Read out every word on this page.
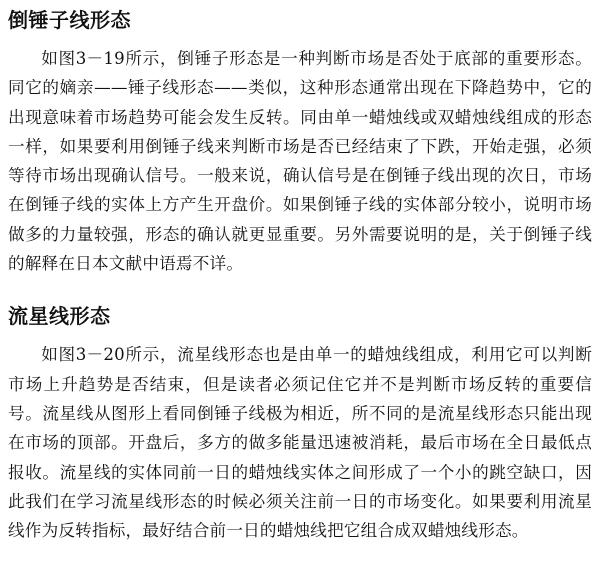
倒锤子线形态

如图3－19所示，倒锤子形态是一种判断市场是否处于底部的重要形态。同它的嫡亲——锤子线形态——类似，这种形态通常出现在下降趋势中，它的出现意味着市场趋势可能会发生反转。同由单一蜡烛线或双蜡烛线组成的形态一样，如果要利用倒锤子线来判断市场是否已经结束了下跌，开始走强，必须等待市场出现确认信号。一般来说，确认信号是在倒锤子线出现的次日，市场在倒锤子线的实体上方产生开盘价。如果倒锤子线的实体部分较小，说明市场做多的力量较强，形态的确认就更显重要。另外需要说明的是，关于倒锤子线的解释在日本文献中语焉不详。

流星线形态

如图3－20所示，流星线形态也是由单一的蜡烛线组成，利用它可以判断市场上升趋势是否结束，但是读者必须记住它并不是判断市场反转的重要信号。流星线从图形上看同倒锤子线极为相近，所不同的是流星线形态只能出现在市场的顶部。开盘后，多方的做多能量迅速被消耗，最后市场在全日最低点报收。流星线的实体同前一日的蜡烛线实体之间形成了一个小的跳空缺口，因此我们在学习流星线形态的时候必须关注前一日的市场变化。如果要利用流星线作为反转指标，最好结合前一日的蜡烛线把它组合成双蜡烛线形态。
